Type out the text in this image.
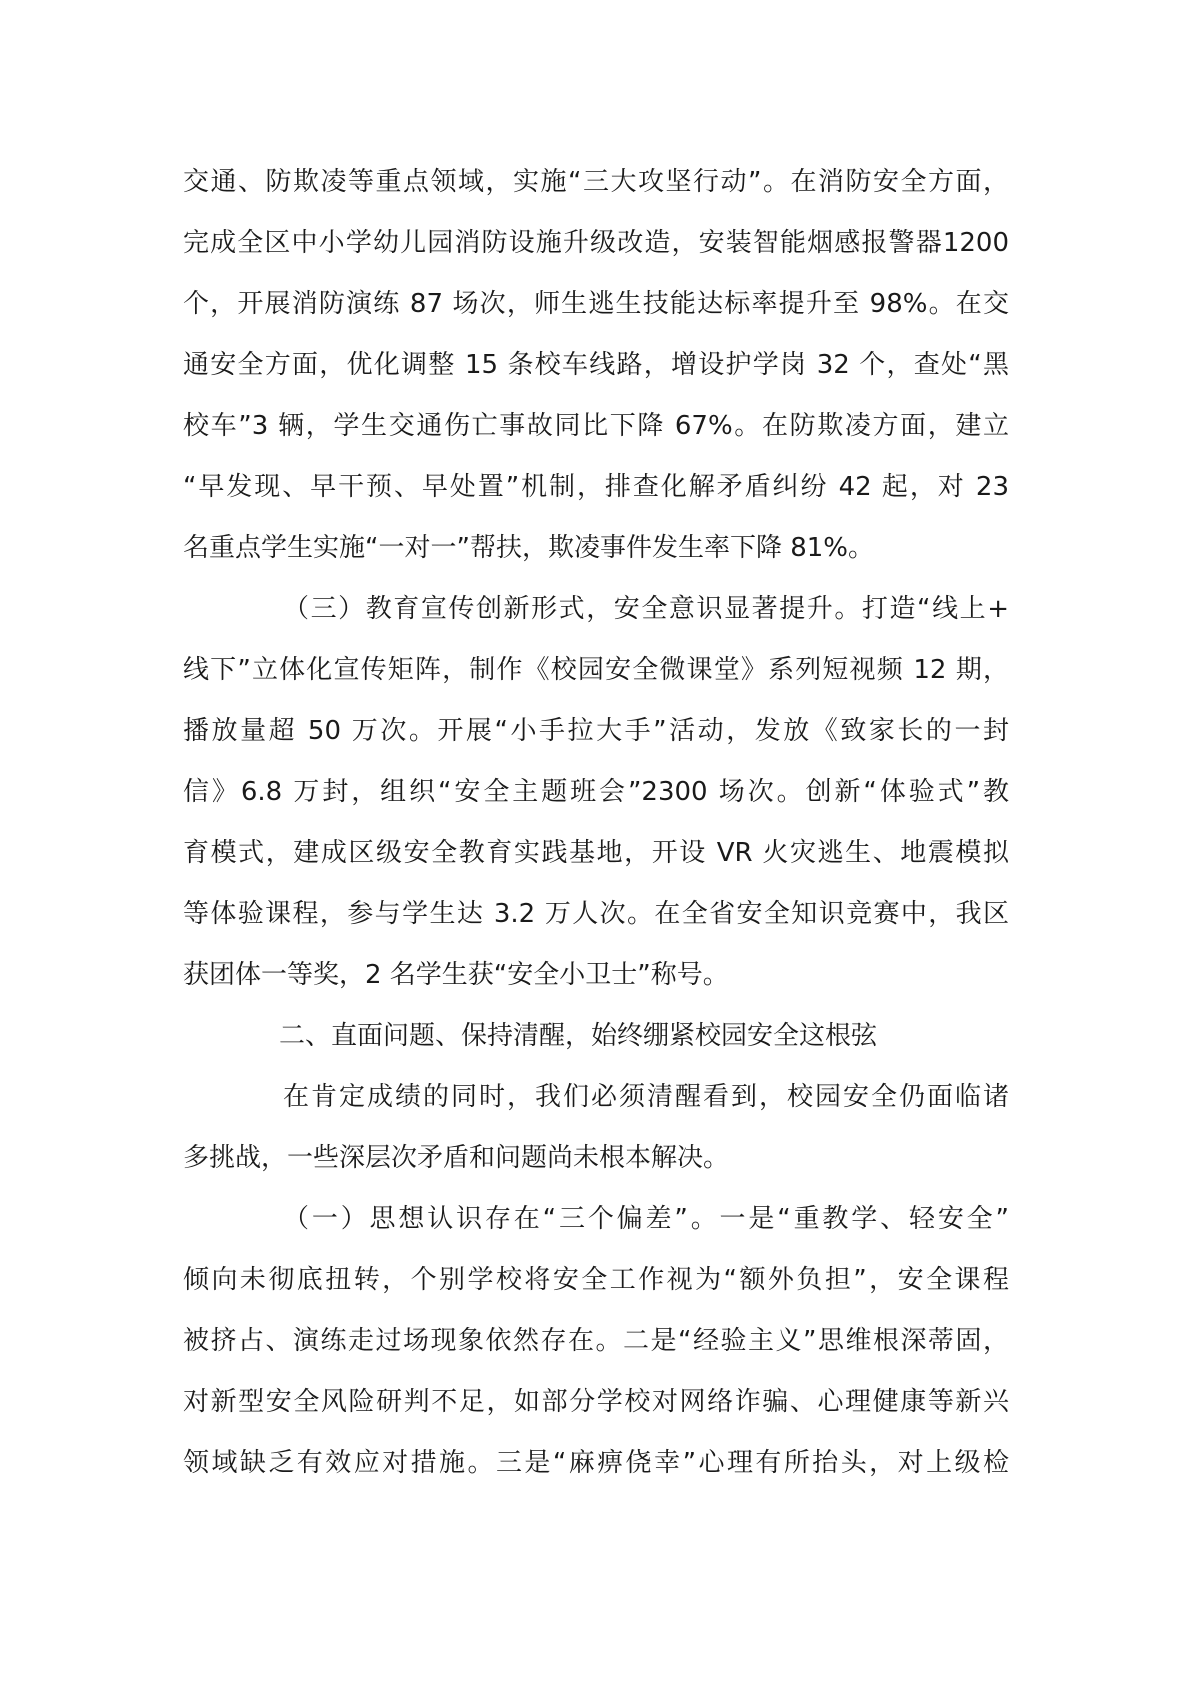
交通、防欺凌等重点领域，实施“三大攻坚行动”。在消防安全方面，
完成全区中小学幼儿园消防设施升级改造，安装智能烟感报警器1200
个，开展消防演练 87 场次，师生逃生技能达标率提升至 98%。在交
通安全方面，优化调整 15 条校车线路，增设护学岗 32 个，查处“黑
校车”3 辆，学生交通伤亡事故同比下降 67%。在防欺凌方面，建立
“早发现、早干预、早处置”机制，排查化解矛盾纠纷 42 起，对 23
名重点学生实施“一对一”帮扶，欺凌事件发生率下降 81%。
（三）教育宣传创新形式，安全意识显著提升。打造“线上+
线下”立体化宣传矩阵，制作《校园安全微课堂》系列短视频 12 期，
播放量超 50 万次。开展“小手拉大手”活动，发放《致家长的一封
信》6.8 万封，组织“安全主题班会”2300 场次。创新“体验式”教
育模式，建成区级安全教育实践基地，开设 VR 火灾逃生、地震模拟
等体验课程，参与学生达 3.2 万人次。在全省安全知识竞赛中，我区
获团体一等奖，2 名学生获“安全小卫士”称号。
二、直面问题、保持清醒，始终绷紧校园安全这根弦
在肯定成绩的同时，我们必须清醒看到，校园安全仍面临诸
多挑战，一些深层次矛盾和问题尚未根本解决。
（一）思想认识存在“三个偏差”。一是“重教学、轻安全”
倾向未彻底扭转，个别学校将安全工作视为“额外负担”，安全课程
被挤占、演练走过场现象依然存在。二是“经验主义”思维根深蒂固，
对新型安全风险研判不足，如部分学校对网络诈骗、心理健康等新兴
领域缺乏有效应对措施。三是“麻痹侥幸”心理有所抬头，对上级检
